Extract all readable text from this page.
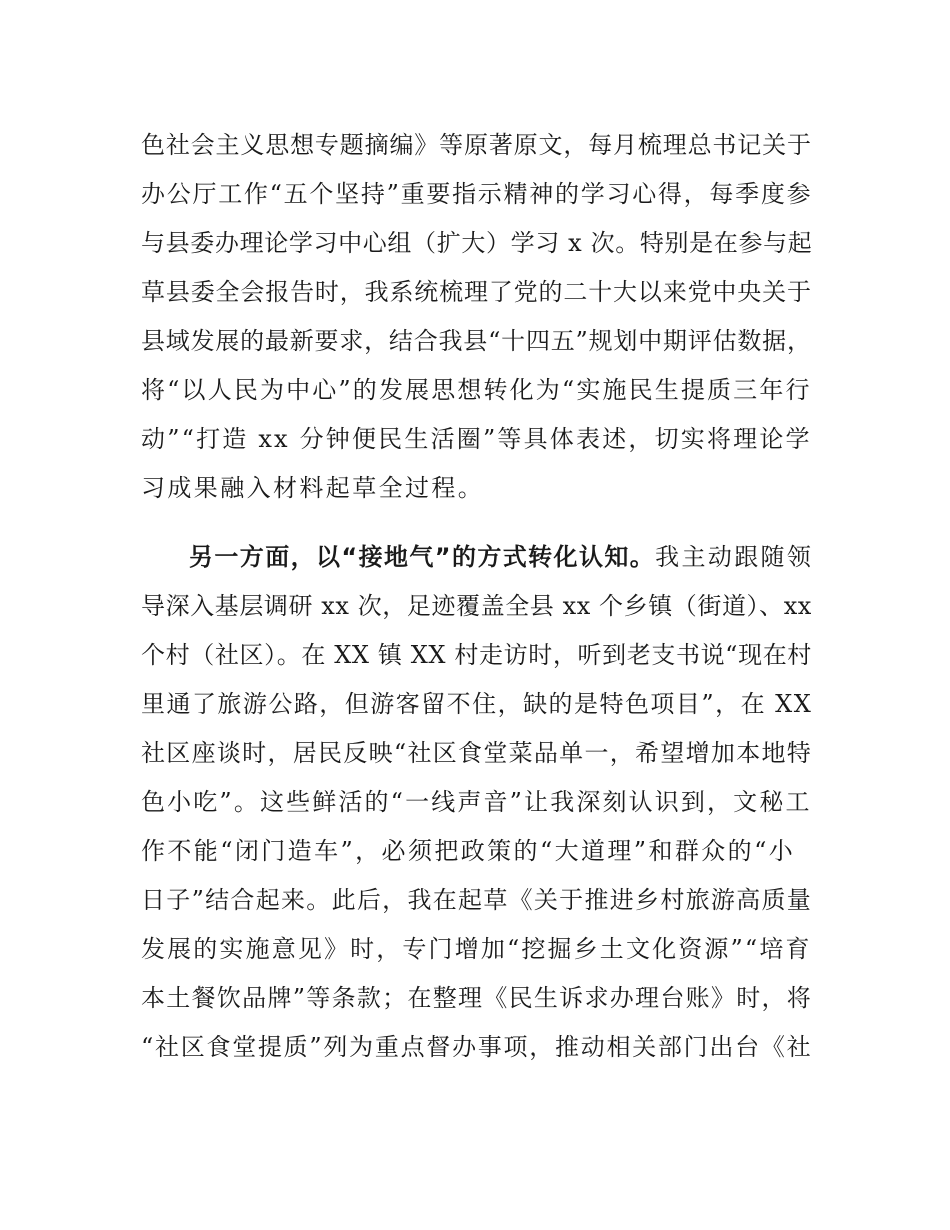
色社会主义思想专题摘编》等原著原文，每月梳理总书记关于
办公厅工作“五个坚持”重要指示精神的学习心得，每季度参
与县委办理论学习中心组（扩大）学习 x 次。特别是在参与起
草县委全会报告时，我系统梳理了党的二十大以来党中央关于
县域发展的最新要求，结合我县“十四五”规划中期评估数据，
将“以人民为中心”的发展思想转化为“实施民生提质三年行
动”“打造 xx 分钟便民生活圈”等具体表述，切实将理论学
习成果融入材料起草全过程。
另一方面，以“接地气”的方式转化认知。我主动跟随领
导深入基层调研 xx 次，足迹覆盖全县 xx 个乡镇（街道）、xx
个村（社区）。在 XX 镇 XX 村走访时，听到老支书说“现在村
里通了旅游公路，但游客留不住，缺的是特色项目”，在 XX
社区座谈时，居民反映“社区食堂菜品单一，希望增加本地特
色小吃”。这些鲜活的“一线声音”让我深刻认识到，文秘工
作不能“闭门造车”，必须把政策的“大道理”和群众的“小
日子”结合起来。此后，我在起草《关于推进乡村旅游高质量
发展的实施意见》时，专门增加“挖掘乡土文化资源”“培育
本土餐饮品牌”等条款；在整理《民生诉求办理台账》时，将
“社区食堂提质”列为重点督办事项，推动相关部门出台《社
